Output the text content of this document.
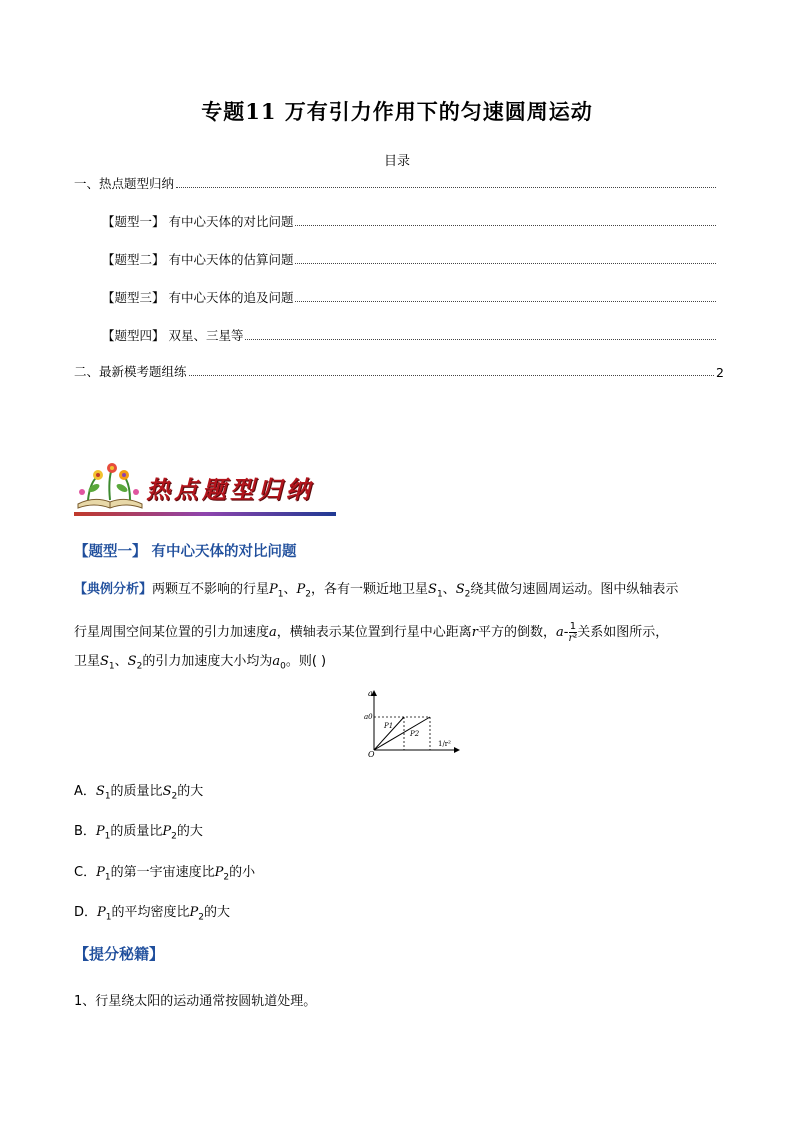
专题11 万有引力作用下的匀速圆周运动
目录
一、热点题型归纳
【题型一】 有中心天体的对比问题
【题型二】 有中心天体的估算问题
【题型三】 有中心天体的追及问题
【题型四】 双星、三星等
二、最新模考题组练	2
热点题型归纳
【题型一】 有中心天体的对比问题
【典例分析】两颗互不影响的行星$P_1$、$P_2$，各有一颗近地卫星$S_1$、$S_2$绕其做匀速圆周运动。图中纵轴表示
行星周围空间某位置的引力加速度a，横轴表示某位置到行星中心距离r平方的倒数，$a- \frac{1}{\text{r²}}$ 关系如图所示，
卫星$S_1$、$S_2$的引力加速度大小均为$a_0$。则( )
a
a0
O
P1
P2
1/r²
A．$S_1$的质量比$S_2$的大
B．$P_1$的质量比$P_2$的大
C．$P_1$的第一宇宙速度比$P_2$的小
D．$P_1$的平均密度比$P_2$的大
【提分秘籍】
1、行星绕太阳的运动通常按圆轨道处理。
